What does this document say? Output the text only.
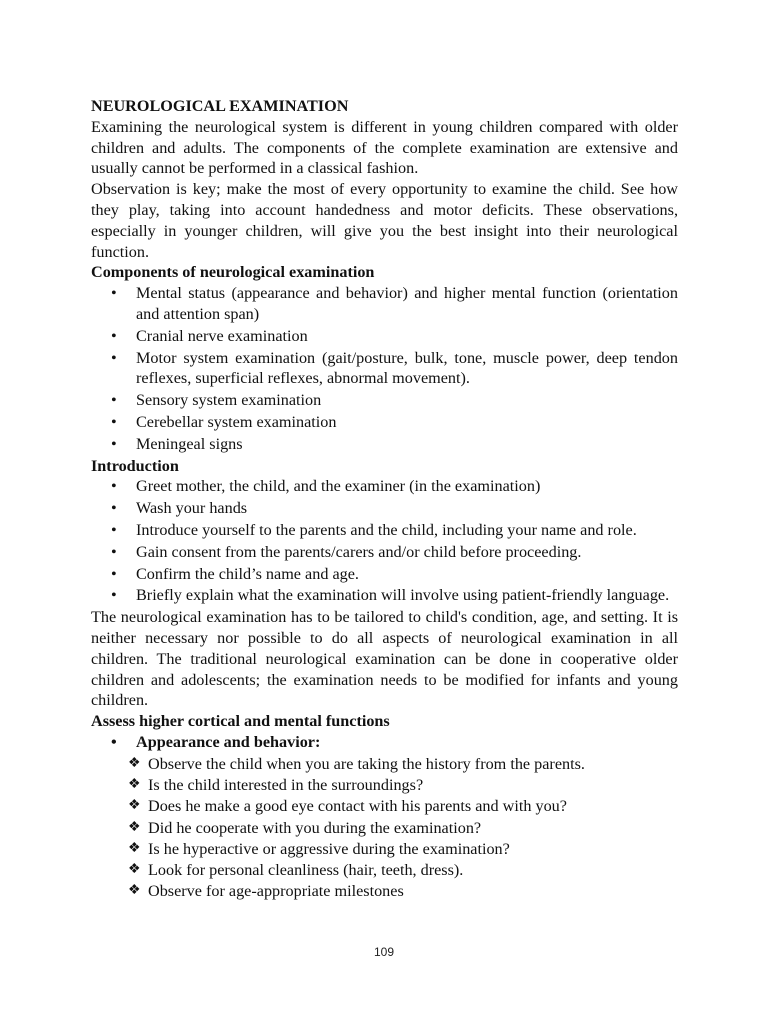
NEUROLOGICAL EXAMINATION

Examining the neurological system is different in young children compared with older children and adults. The components of the complete examination are extensive and usually cannot be performed in a classical fashion.

Observation is key; make the most of every opportunity to examine the child. See how they play, taking into account handedness and motor deficits. These observations, especially in younger children, will give you the best insight into their neurological function.

Components of neurological examination

• Mental status (appearance and behavior) and higher mental function (orientation and attention span)
• Cranial nerve examination
• Motor system examination (gait/posture, bulk, tone, muscle power, deep tendon reflexes, superficial reflexes, abnormal movement).
• Sensory system examination
• Cerebellar system examination
• Meningeal signs

Introduction

• Greet mother, the child, and the examiner (in the examination)
• Wash your hands
• Introduce yourself to the parents and the child, including your name and role.
• Gain consent from the parents/carers and/or child before proceeding.
• Confirm the child’s name and age.
• Briefly explain what the examination will involve using patient-friendly language.

The neurological examination has to be tailored to child's condition, age, and setting. It is neither necessary nor possible to do all aspects of neurological examination in all children. The traditional neurological examination can be done in cooperative older children and adolescents; the examination needs to be modified for infants and young children.

Assess higher cortical and mental functions

• Appearance and behavior:
❖ Observe the child when you are taking the history from the parents.
❖ Is the child interested in the surroundings?
❖ Does he make a good eye contact with his parents and with you?
❖ Did he cooperate with you during the examination?
❖ Is he hyperactive or aggressive during the examination?
❖ Look for personal cleanliness (hair, teeth, dress).
❖ Observe for age-appropriate milestones
109
